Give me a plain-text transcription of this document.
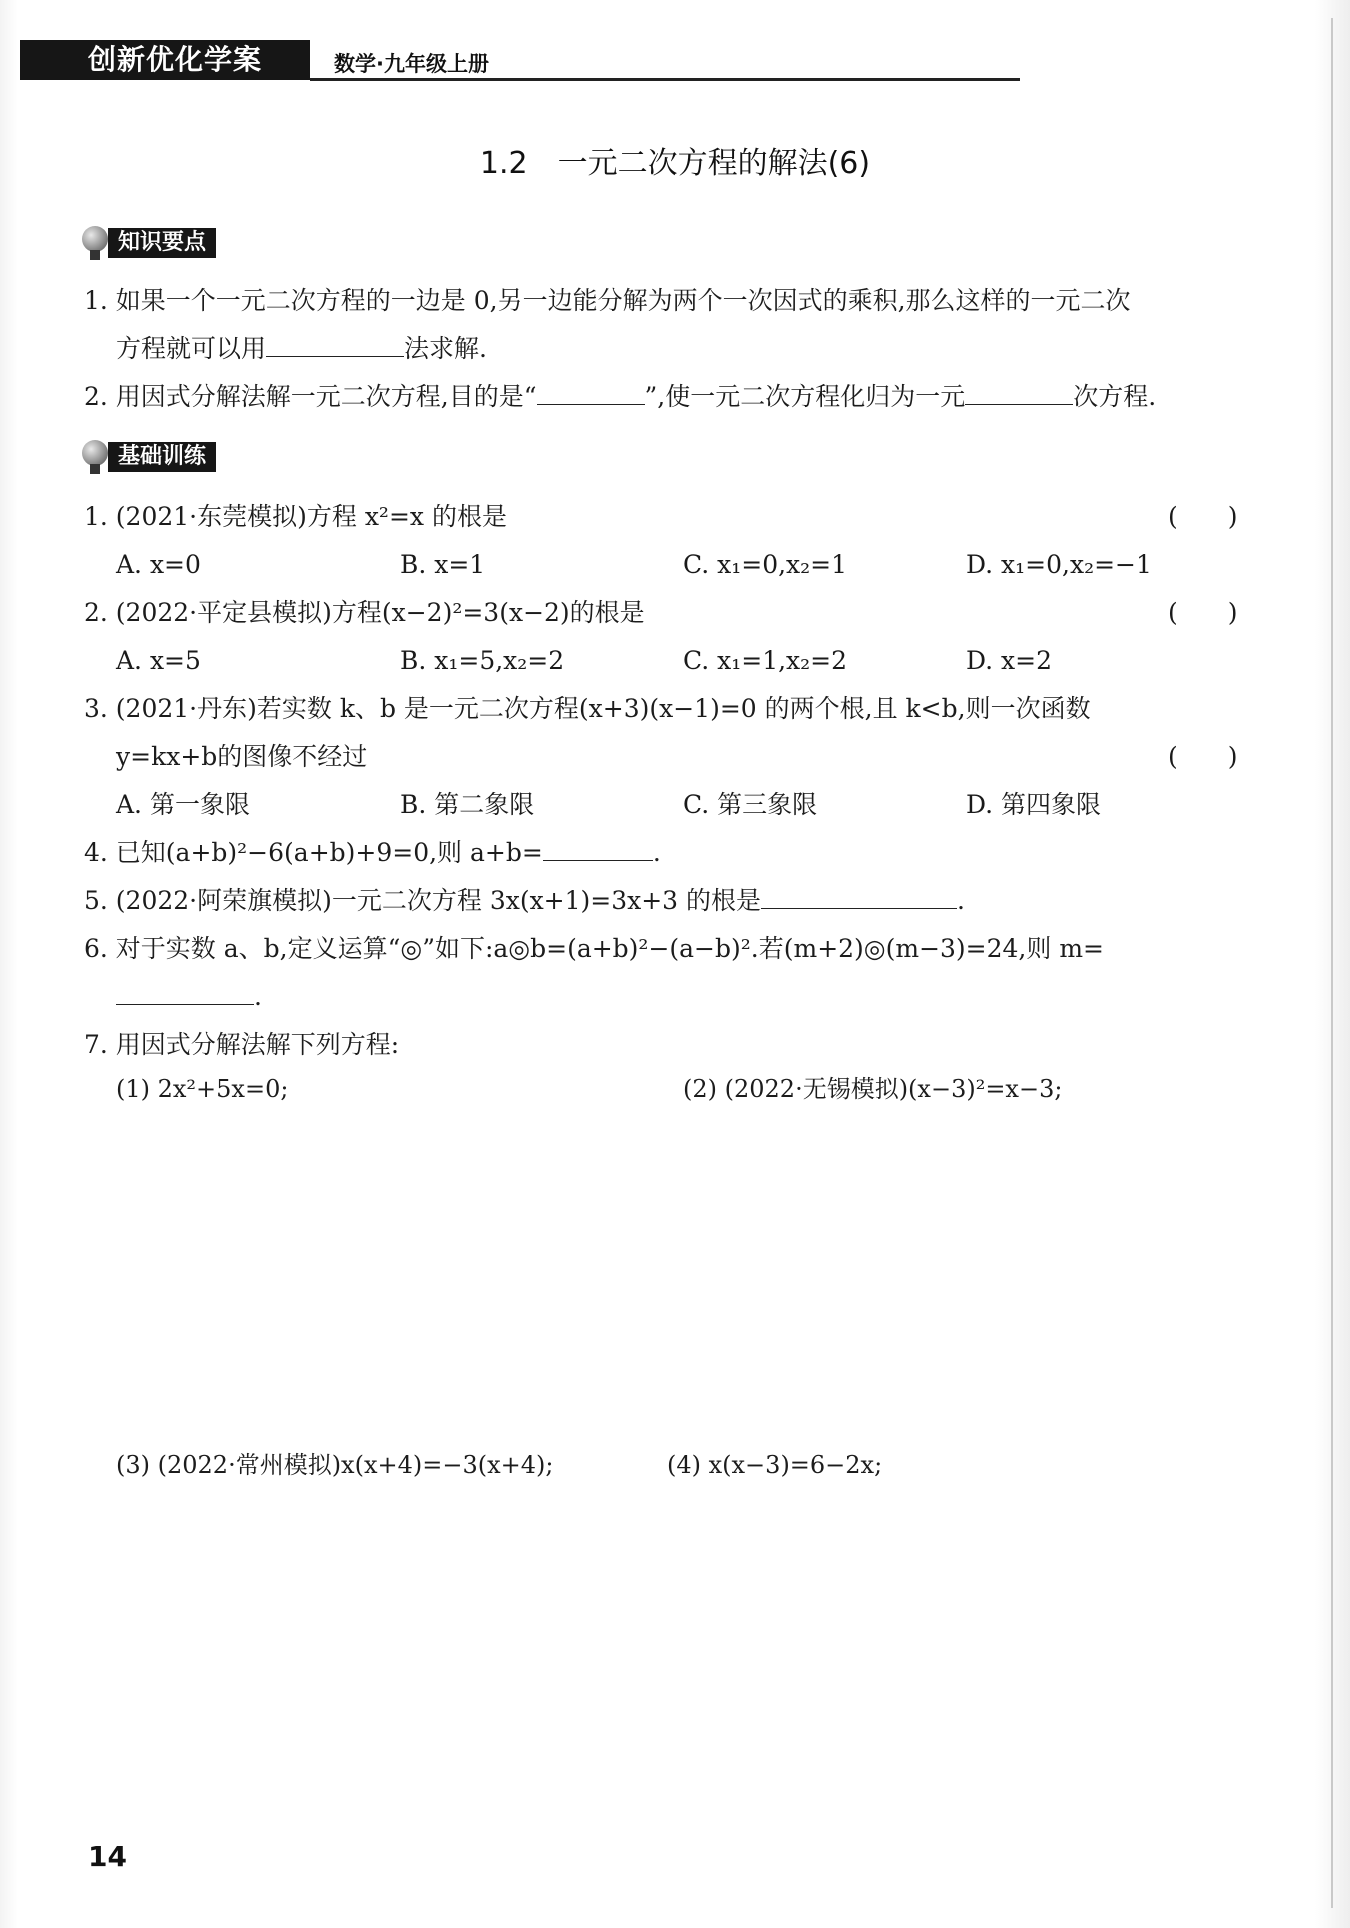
创新优化学案	数学·九年级上册
1.2　一元二次方程的解法(6)
知识要点
1. 如果一个一元二次方程的一边是 0,另一边能分解为两个一次因式的乘积,那么这样的一元二次
方程就可以用	法求解.
2. 用因式分解法解一元二次方程,目的是“	”,使一元二次方程化归为一元	次方程.
基础训练
1. (2021·东莞模拟)方程 x²=x 的根是	(　　)
A. x=0	B. x=1	C. x₁=0,x₂=1	D. x₁=0,x₂=−1
2. (2022·平定县模拟)方程(x−2)²=3(x−2)的根是	(　　)
A. x=5	B. x₁=5,x₂=2	C. x₁=1,x₂=2	D. x=2
3. (2021·丹东)若实数 k、b 是一元二次方程(x+3)(x−1)=0 的两个根,且 k<b,则一次函数
y=kx+b的图像不经过	(　　)
A. 第一象限	B. 第二象限	C. 第三象限	D. 第四象限
4. 已知(a+b)²−6(a+b)+9=0,则 a+b=	.
5. (2022·阿荣旗模拟)一元二次方程 3x(x+1)=3x+3 的根是	.
6. 对于实数 a、b,定义运算“◎”如下:a◎b=(a+b)²−(a−b)².若(m+2)◎(m−3)=24,则 m=
.
7. 用因式分解法解下列方程:
(1) 2x²+5x=0;	(2) (2022·无锡模拟)(x−3)²=x−3;
(3) (2022·常州模拟)x(x+4)=−3(x+4);	(4) x(x−3)=6−2x;
14
